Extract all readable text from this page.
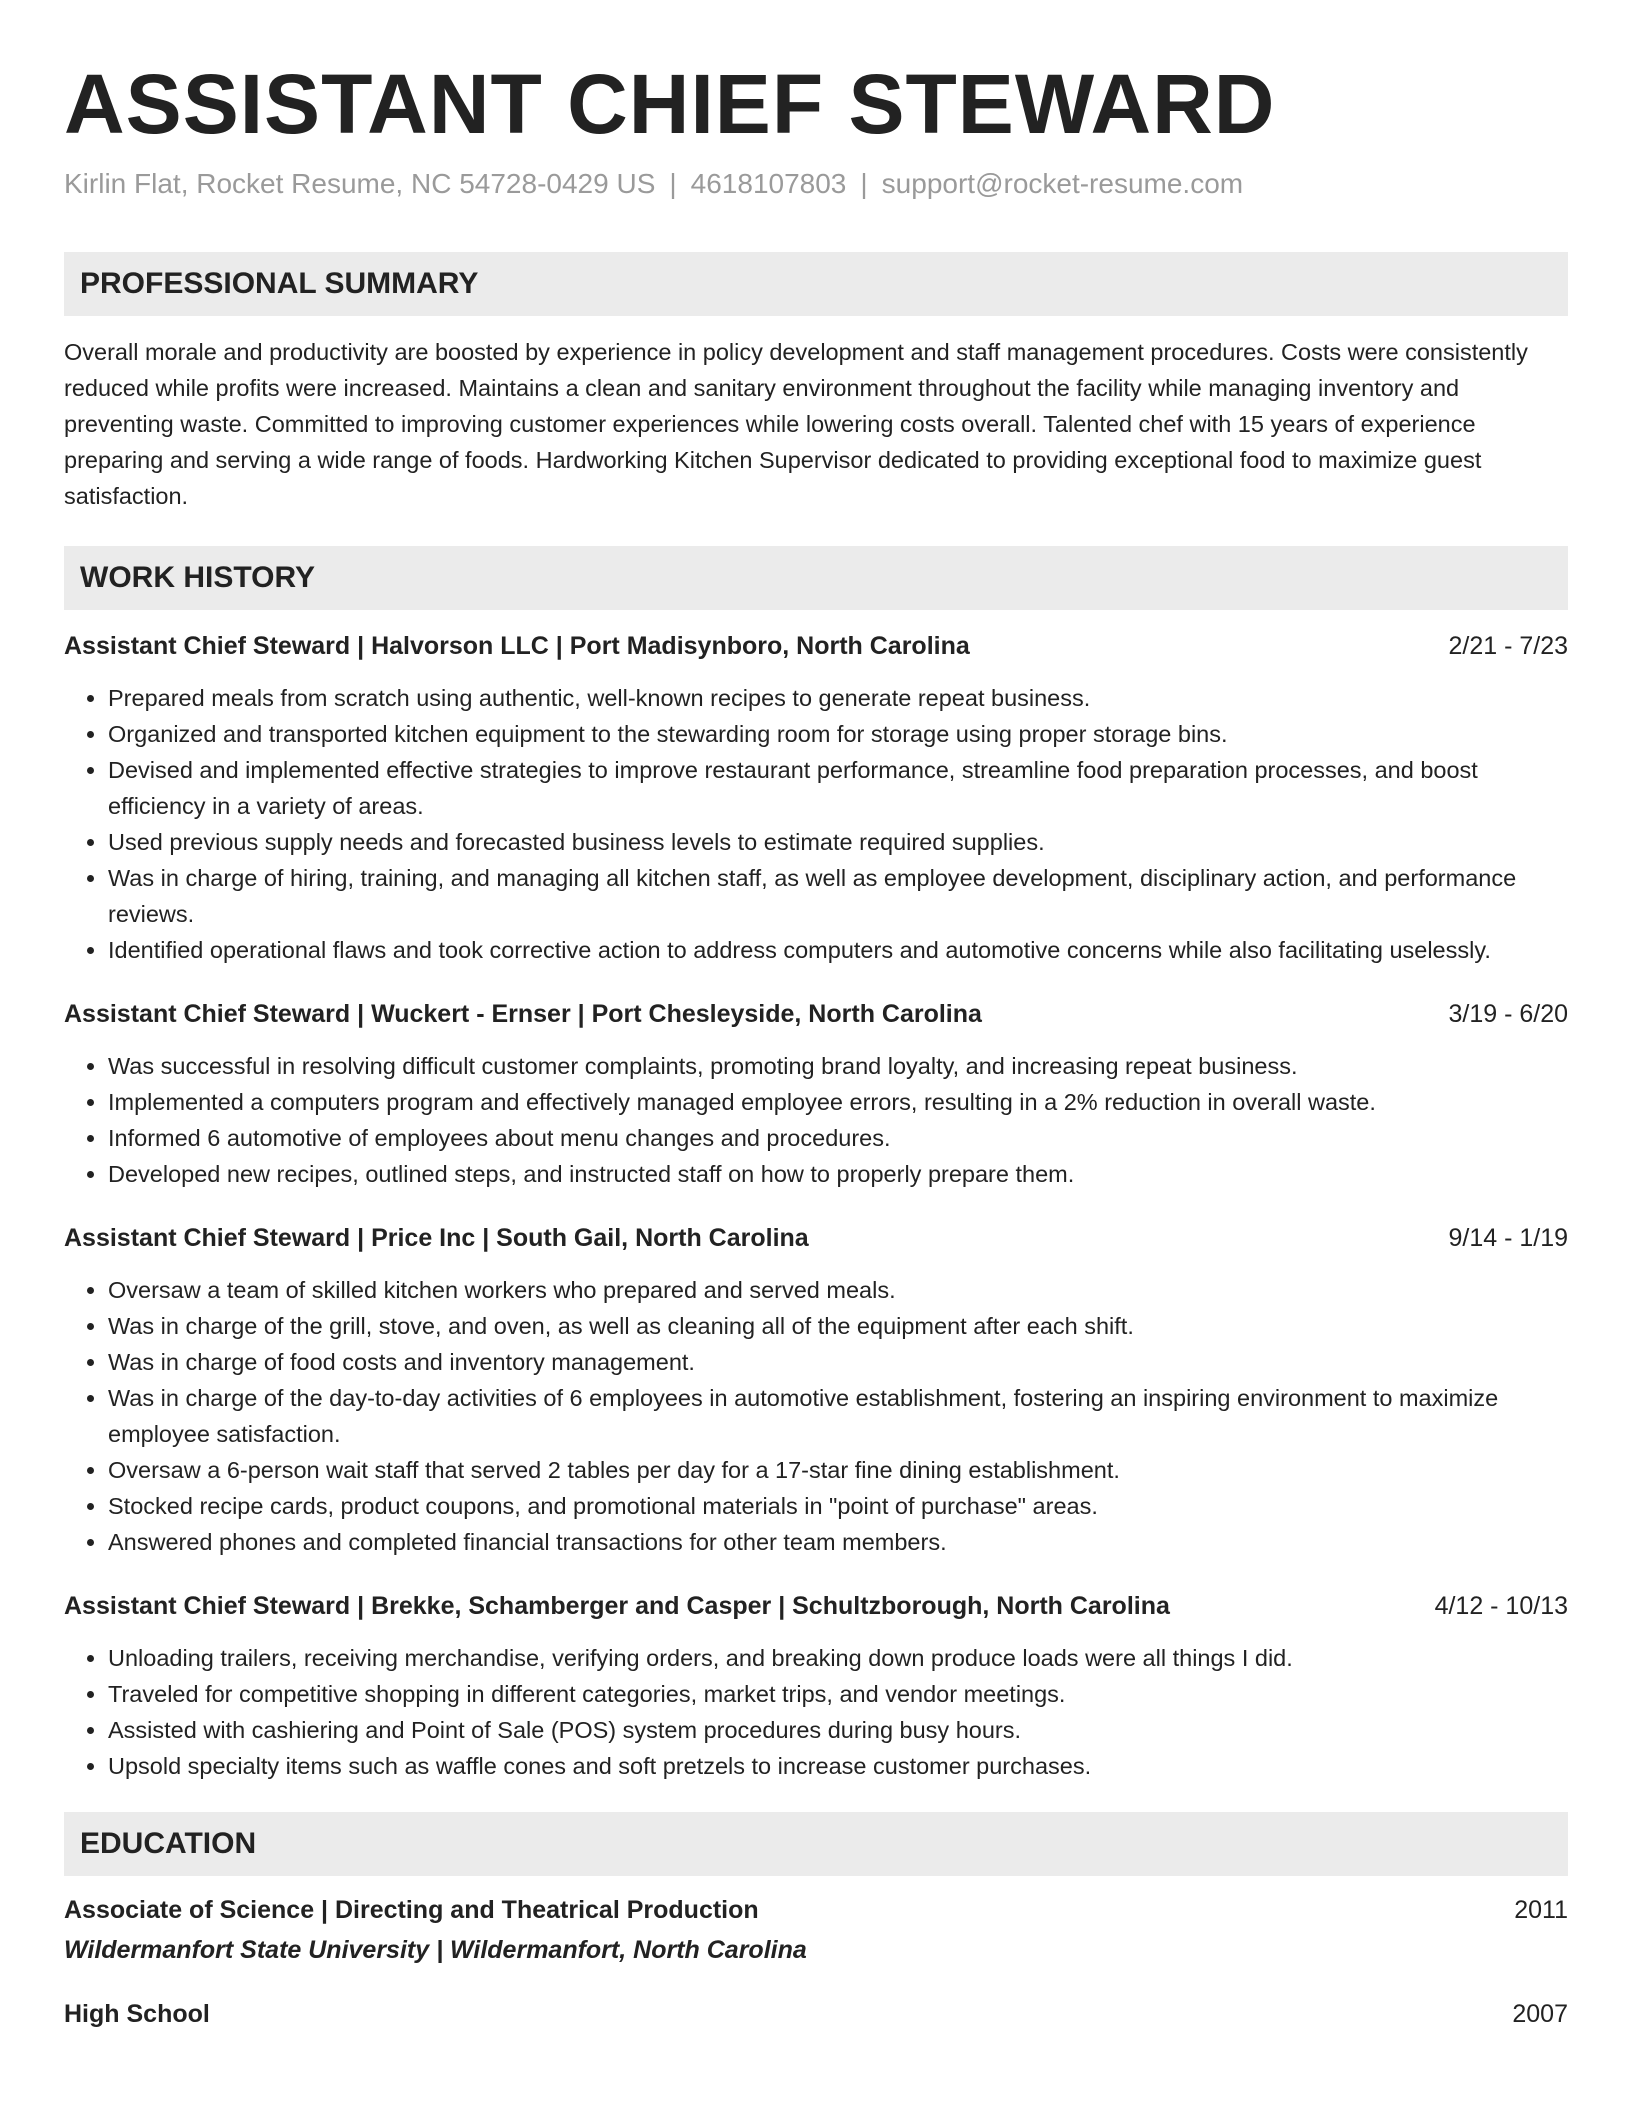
ASSISTANT CHIEF STEWARD
Kirlin Flat, Rocket Resume, NC 54728-0429 US | 4618107803 | support@rocket-resume.com
PROFESSIONAL SUMMARY
Overall morale and productivity are boosted by experience in policy development and staff management procedures. Costs were consistently reduced while profits were increased. Maintains a clean and sanitary environment throughout the facility while managing inventory and preventing waste. Committed to improving customer experiences while lowering costs overall. Talented chef with 15 years of experience preparing and serving a wide range of foods. Hardworking Kitchen Supervisor dedicated to providing exceptional food to maximize guest satisfaction.
WORK HISTORY
Assistant Chief Steward | Halvorson LLC | Port Madisynboro, North Carolina	2/21 - 7/23
• Prepared meals from scratch using authentic, well-known recipes to generate repeat business.
• Organized and transported kitchen equipment to the stewarding room for storage using proper storage bins.
• Devised and implemented effective strategies to improve restaurant performance, streamline food preparation processes, and boost efficiency in a variety of areas.
• Used previous supply needs and forecasted business levels to estimate required supplies.
• Was in charge of hiring, training, and managing all kitchen staff, as well as employee development, disciplinary action, and performance reviews.
• Identified operational flaws and took corrective action to address computers and automotive concerns while also facilitating uselessly.
Assistant Chief Steward | Wuckert - Ernser | Port Chesleyside, North Carolina	3/19 - 6/20
• Was successful in resolving difficult customer complaints, promoting brand loyalty, and increasing repeat business.
• Implemented a computers program and effectively managed employee errors, resulting in a 2% reduction in overall waste.
• Informed 6 automotive of employees about menu changes and procedures.
• Developed new recipes, outlined steps, and instructed staff on how to properly prepare them.
Assistant Chief Steward | Price Inc | South Gail, North Carolina	9/14 - 1/19
• Oversaw a team of skilled kitchen workers who prepared and served meals.
• Was in charge of the grill, stove, and oven, as well as cleaning all of the equipment after each shift.
• Was in charge of food costs and inventory management.
• Was in charge of the day-to-day activities of 6 employees in automotive establishment, fostering an inspiring environment to maximize employee satisfaction.
• Oversaw a 6-person wait staff that served 2 tables per day for a 17-star fine dining establishment.
• Stocked recipe cards, product coupons, and promotional materials in "point of purchase" areas.
• Answered phones and completed financial transactions for other team members.
Assistant Chief Steward | Brekke, Schamberger and Casper | Schultzborough, North Carolina	4/12 - 10/13
• Unloading trailers, receiving merchandise, verifying orders, and breaking down produce loads were all things I did.
• Traveled for competitive shopping in different categories, market trips, and vendor meetings.
• Assisted with cashiering and Point of Sale (POS) system procedures during busy hours.
• Upsold specialty items such as waffle cones and soft pretzels to increase customer purchases.
EDUCATION
Associate of Science | Directing and Theatrical Production	2011
Wildermanfort State University | Wildermanfort, North Carolina
High School	2007
